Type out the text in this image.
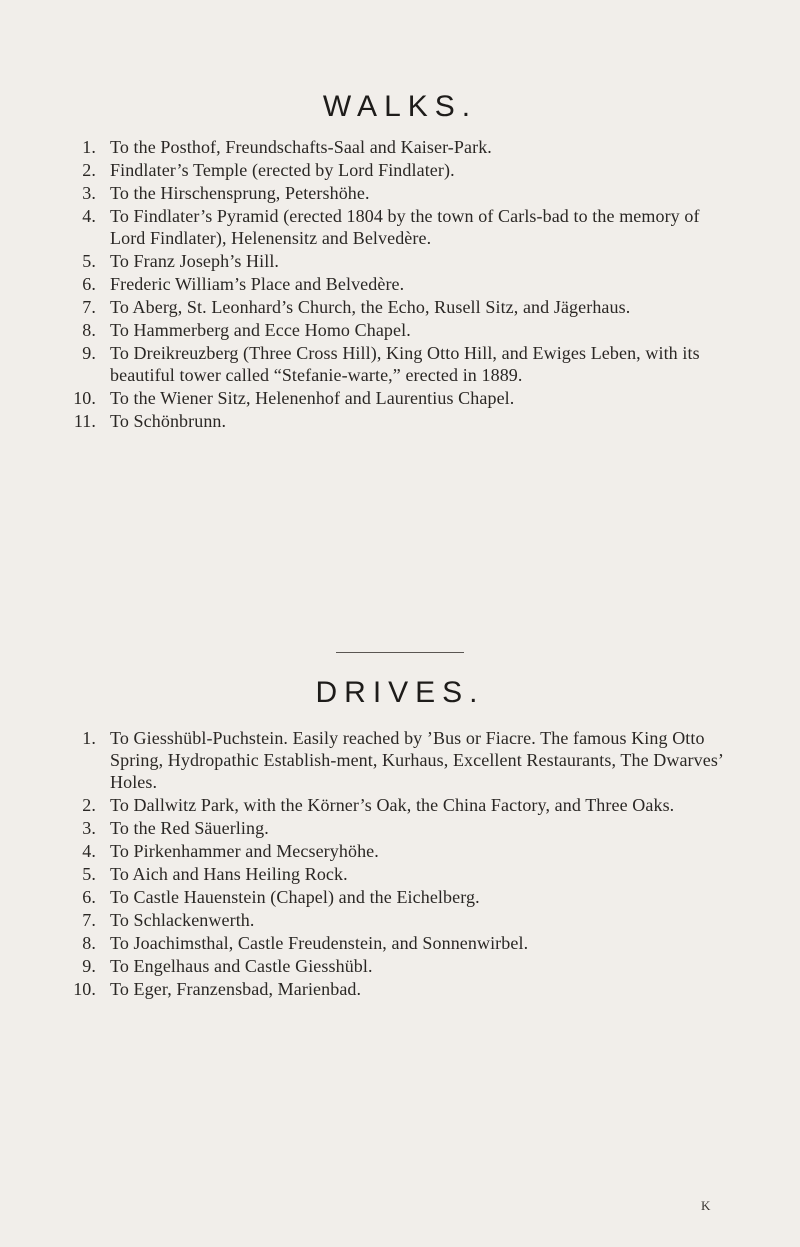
WALKS.
1. To the Posthof, Freundschafts-Saal and Kaiser-Park.
2. Findlater’s Temple (erected by Lord Findlater).
3. To the Hirschensprung, Petershöhe.
4. To Findlater’s Pyramid (erected 1804 by the town of Carls-bad to the memory of Lord Findlater), Helenensitz and Belvedère.
5. To Franz Joseph’s Hill.
6. Frederic William’s Place and Belvedère.
7. To Aberg, St. Leonhard’s Church, the Echo, Rusell Sitz, and Jägerhaus.
8. To Hammerberg and Ecce Homo Chapel.
9. To Dreikreuzberg (Three Cross Hill), King Otto Hill, and Ewiges Leben, with its beautiful tower called “Stefanie-warte,” erected in 1889.
10. To the Wiener Sitz, Helenenhof and Laurentius Chapel.
11. To Schönbrunn.
DRIVES.
1. To Giesshübl-Puchstein. Easily reached by ’Bus or Fiacre. The famous King Otto Spring, Hydropathic Establish-ment, Kurhaus, Excellent Restaurants, The Dwarves’ Holes.
2. To Dallwitz Park, with the Körner’s Oak, the China Factory, and Three Oaks.
3. To the Red Säuerling.
4. To Pirkenhammer and Mecseryhöhe.
5. To Aich and Hans Heiling Rock.
6. To Castle Hauenstein (Chapel) and the Eichelberg.
7. To Schlackenwerth.
8. To Joachimsthal, Castle Freudenstein, and Sonnenwirbel.
9. To Engelhaus and Castle Giesshübl.
10. To Eger, Franzensbad, Marienbad.
K
